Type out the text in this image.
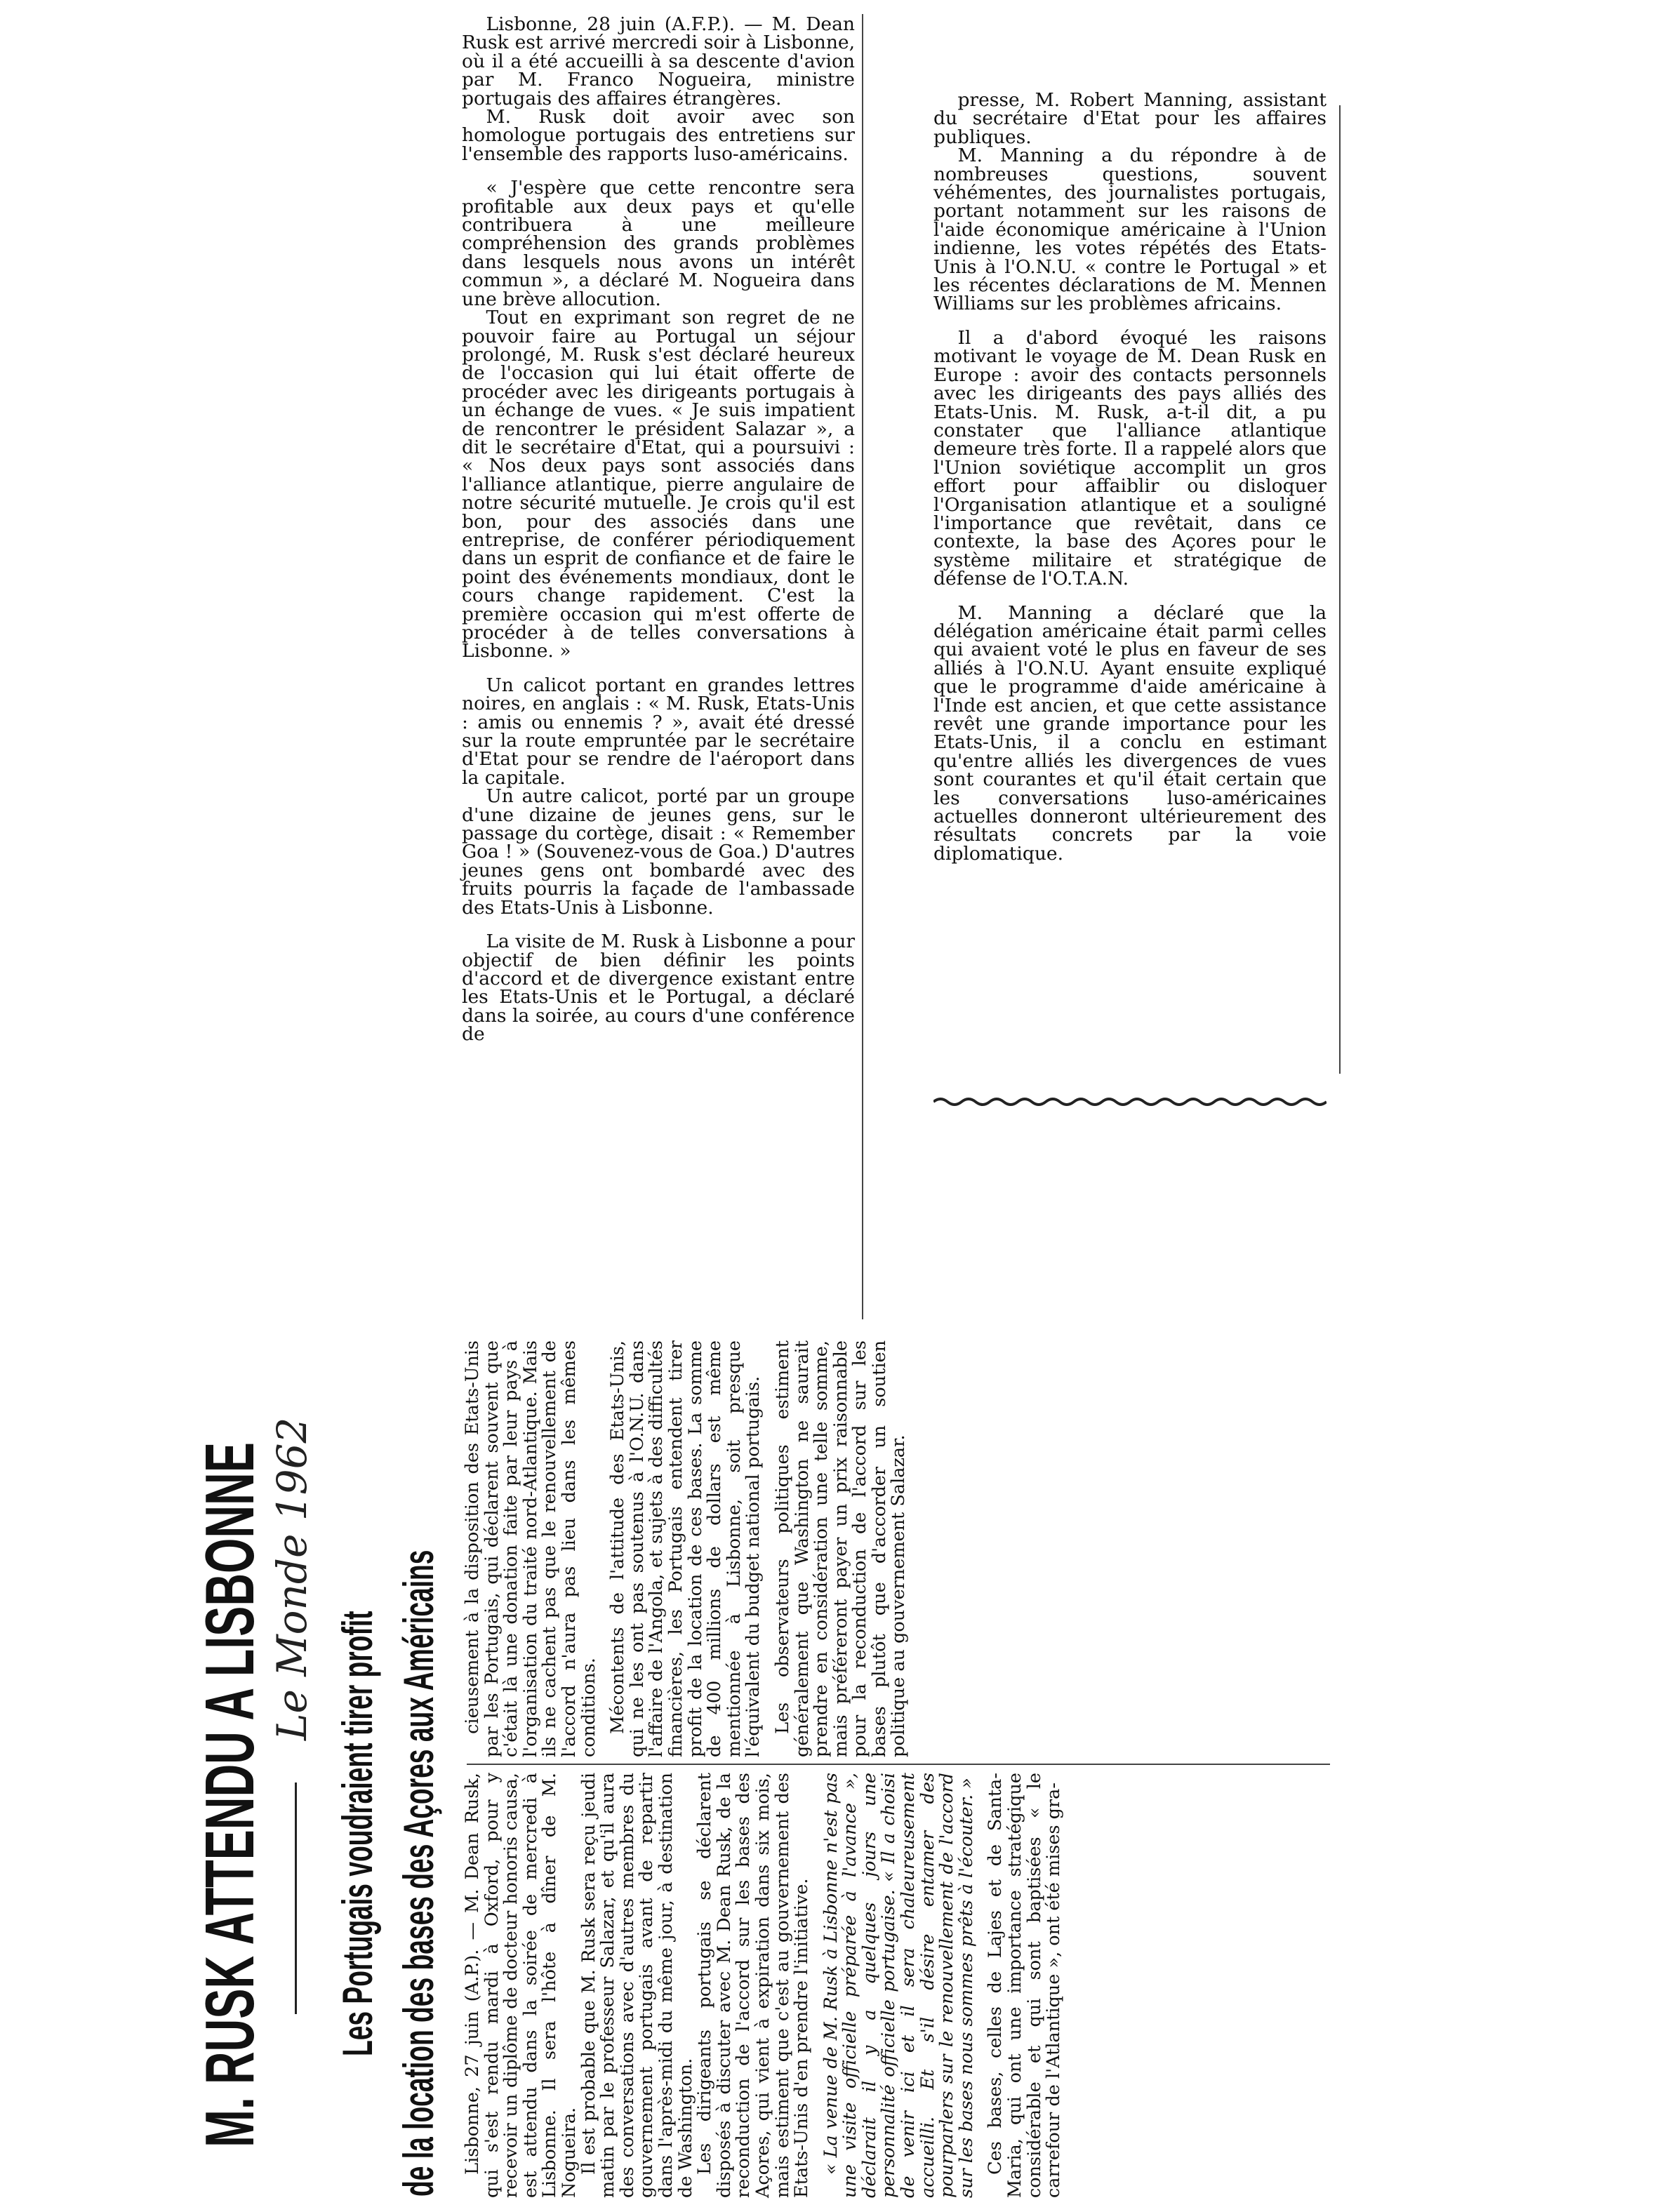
Lisbonne, 28 juin (A.F.P.). — M. Dean Rusk est arrivé mercredi soir à Lisbonne, où il a été accueilli à sa descente d'avion par M. Franco Nogueira, ministre portugais des affaires étrangères.

M. Rusk doit avoir avec son homologue portugais des entretiens sur l'ensemble des rapports luso-américains.

« J'espère que cette rencontre sera profitable aux deux pays et qu'elle contribuera à une meilleure compréhension des grands problèmes dans lesquels nous avons un intérêt commun », a déclaré M. Nogueira dans une brève allocution.

Tout en exprimant son regret de ne pouvoir faire au Portugal un séjour prolongé, M. Rusk s'est déclaré heureux de l'occasion qui lui était offerte de procéder avec les dirigeants portugais à un échange de vues. « Je suis impatient de rencontrer le président Salazar », a dit le secrétaire d'Etat, qui a poursuivi : « Nos deux pays sont associés dans l'alliance atlantique, pierre angulaire de notre sécurité mutuelle. Je crois qu'il est bon, pour des associés dans une entreprise, de conférer périodiquement dans un esprit de confiance et de faire le point des événements mondiaux, dont le cours change rapidement. C'est la première occasion qui m'est offerte de procéder à de telles conversations à Lisbonne. »

Un calicot portant en grandes lettres noires, en anglais : « M. Rusk, Etats-Unis : amis ou ennemis ? », avait été dressé sur la route empruntée par le secrétaire d'Etat pour se rendre de l'aéroport dans la capitale.

Un autre calicot, porté par un groupe d'une dizaine de jeunes gens, sur le passage du cortège, disait : « Remember Goa ! » (Souvenez-vous de Goa.) D'autres jeunes gens ont bombardé avec des fruits pourris la façade de l'ambassade des Etats-Unis à Lisbonne.

La visite de M. Rusk à Lisbonne a pour objectif de bien définir les points d'accord et de divergence existant entre les Etats-Unis et le Portugal, a déclaré dans la soirée, au cours d'une conférence de

presse, M. Robert Manning, assistant du secrétaire d'Etat pour les affaires publiques.

M. Manning a du répondre à de nombreuses questions, souvent véhémentes, des journalistes portugais, portant notamment sur les raisons de l'aide économique américaine à l'Union indienne, les votes répétés des Etats-Unis à l'O.N.U. « contre le Portugal » et les récentes déclarations de M. Mennen Williams sur les problèmes africains.

Il a d'abord évoqué les raisons motivant le voyage de M. Dean Rusk en Europe : avoir des contacts personnels avec les dirigeants des pays alliés des Etats-Unis. M. Rusk, a-t-il dit, a pu constater que l'alliance atlantique demeure très forte. Il a rappelé alors que l'Union soviétique accomplit un gros effort pour affaiblir ou disloquer l'Organisation atlantique et a souligné l'importance que revêtait, dans ce contexte, la base des Açores pour le système militaire et stratégique de défense de l'O.T.A.N.

M. Manning a déclaré que la délégation américaine était parmi celles qui avaient voté le plus en faveur de ses alliés à l'O.N.U. Ayant ensuite expliqué que le programme d'aide américaine à l'Inde est ancien, et que cette assistance revêt une grande importance pour les Etats-Unis, il a conclu en estimant qu'entre alliés les divergences de vues sont courantes et qu'il était certain que les conversations luso-américaines actuelles donneront ultérieurement des résultats concrets par la voie diplomatique.

M. RUSK ATTENDU A LISBONNE Le Monde 1962
Les Portugais voudraient tirer profit de la location des bases des Açores aux Américains Lisbonne, 27 juin (A.P.). — M. Dean Rusk, qui s'est rendu mardi à Oxford, pour y recevoir un diplôme de docteur honoris causa, est attendu dans la soirée de mercredi à Lisbonne. Il sera l'hôte à dîner de M. Nogueira.

Il est probable que M. Rusk sera reçu jeudi matin par le professeur Salazar, et qu'il aura des conversations avec d'autres membres du gouvernement portugais avant de repartir dans l'après-midi du même jour, à destination de Washington.

Les dirigeants portugais se déclarent disposés à discuter avec M. Dean Rusk, de la reconduction de l'accord sur les bases des Açores, qui vient à expiration dans six mois, mais estiment que c'est au gouvernement des Etats-Unis d'en prendre l'initiative. « La venue de M. Rusk à Lisbonne n'est pas une visite officielle préparée à l'avance », déclarait il y a quelques jours une personnalité officielle portugaise. « Il a choisi de venir ici et il sera chaleureusement accueilli. Et s'il désire entamer des pourparlers sur le renouvellement de l'accord sur les bases nous sommes prêts à l'écouter. » Ces bases, celles de Lajes et de Santa-Maria, qui ont une importance stratégique considérable et qui sont baptisées « le carrefour de l'Atlantique », ont été mises gra-

cieusement à la disposition des Etats-Unis par les Portugais, qui déclarent souvent que c'était là une donation faite par leur pays à l'organisation du traité nord-Atlantique. Mais ils ne cachent pas que le renouvellement de l'accord n'aura pas lieu dans les mêmes conditions. Mécontents de l'attitude des Etats-Unis, qui ne les ont pas soutenus à l'O.N.U. dans l'affaire de l'Angola, et sujets à des difficultés financières, les Portugais entendent tirer profit de la location de ces bases. La somme de 400 millions de dollars est même mentionnée à Lisbonne, soit presque l'équivalent du budget national portugais. Les observateurs politiques estiment généralement que Washington ne saurait prendre en considération une telle somme, mais préféreront payer un prix raisonnable pour la reconduction de l'accord sur les bases plutôt que d'accorder un soutien politique au gouvernement Salazar.
